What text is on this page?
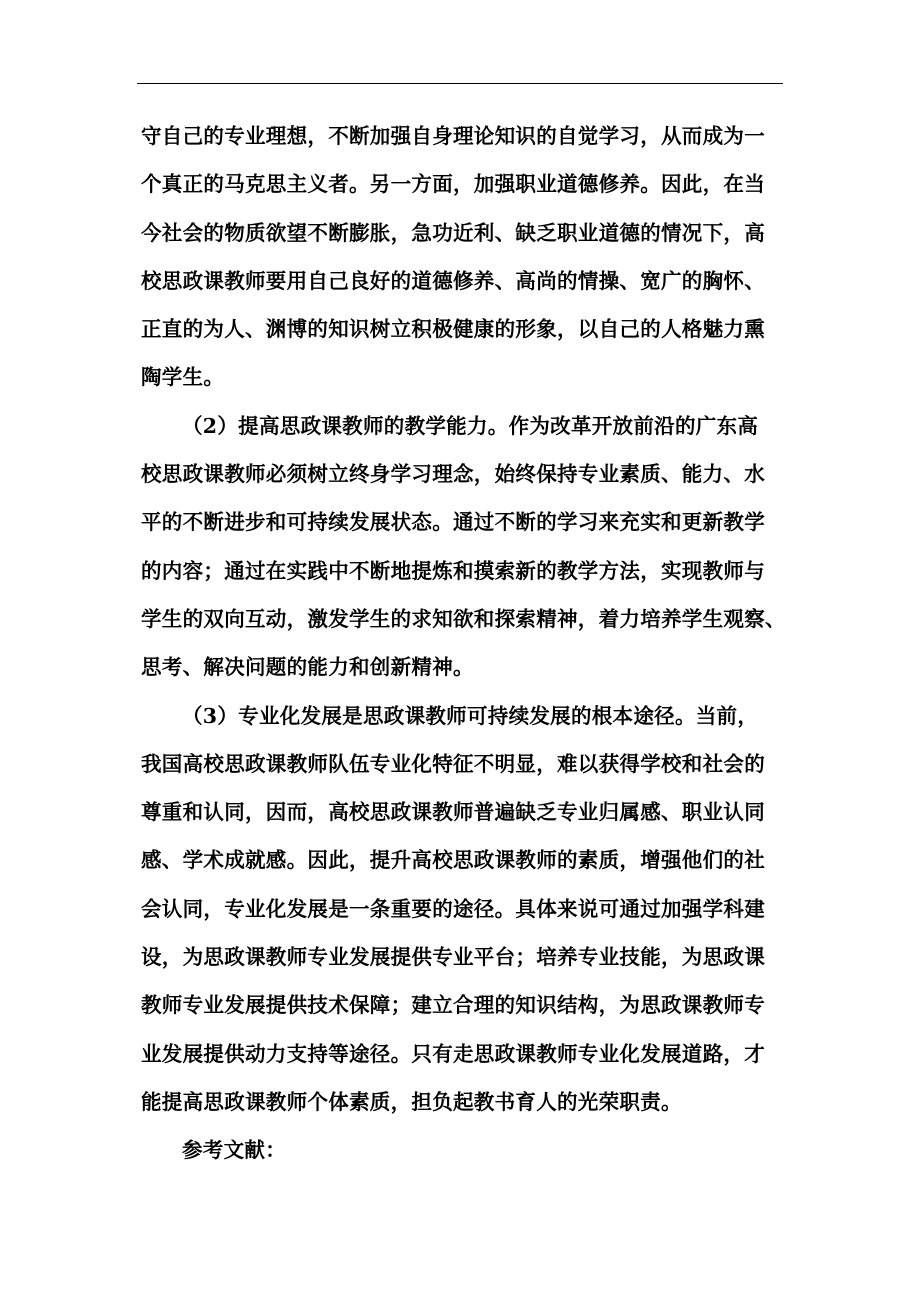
守自己的专业理想，不断加强自身理论知识的自觉学习，从而成为一
个真正的马克思主义者。另一方面，加强职业道德修养。因此，在当
今社会的物质欲望不断膨胀，急功近利、缺乏职业道德的情况下，高
校思政课教师要用自己良好的道德修养、高尚的情操、宽广的胸怀、
正直的为人、渊博的知识树立积极健康的形象，以自己的人格魅力熏
陶学生。
（2）提高思政课教师的教学能力。作为改革开放前沿的广东高
校思政课教师必须树立终身学习理念，始终保持专业素质、能力、水
平的不断进步和可持续发展状态。通过不断的学习来充实和更新教学
的内容；通过在实践中不断地提炼和摸索新的教学方法，实现教师与
学生的双向互动，激发学生的求知欲和探索精神，着力培养学生观察、
思考、解决问题的能力和创新精神。
（3）专业化发展是思政课教师可持续发展的根本途径。当前，
我国高校思政课教师队伍专业化特征不明显，难以获得学校和社会的
尊重和认同，因而，高校思政课教师普遍缺乏专业归属感、职业认同
感、学术成就感。因此，提升高校思政课教师的素质，增强他们的社
会认同，专业化发展是一条重要的途径。具体来说可通过加强学科建
设，为思政课教师专业发展提供专业平台；培养专业技能，为思政课
教师专业发展提供技术保障；建立合理的知识结构，为思政课教师专
业发展提供动力支持等途径。只有走思政课教师专业化发展道路，才
能提高思政课教师个体素质，担负起教书育人的光荣职责。
参考文献：
